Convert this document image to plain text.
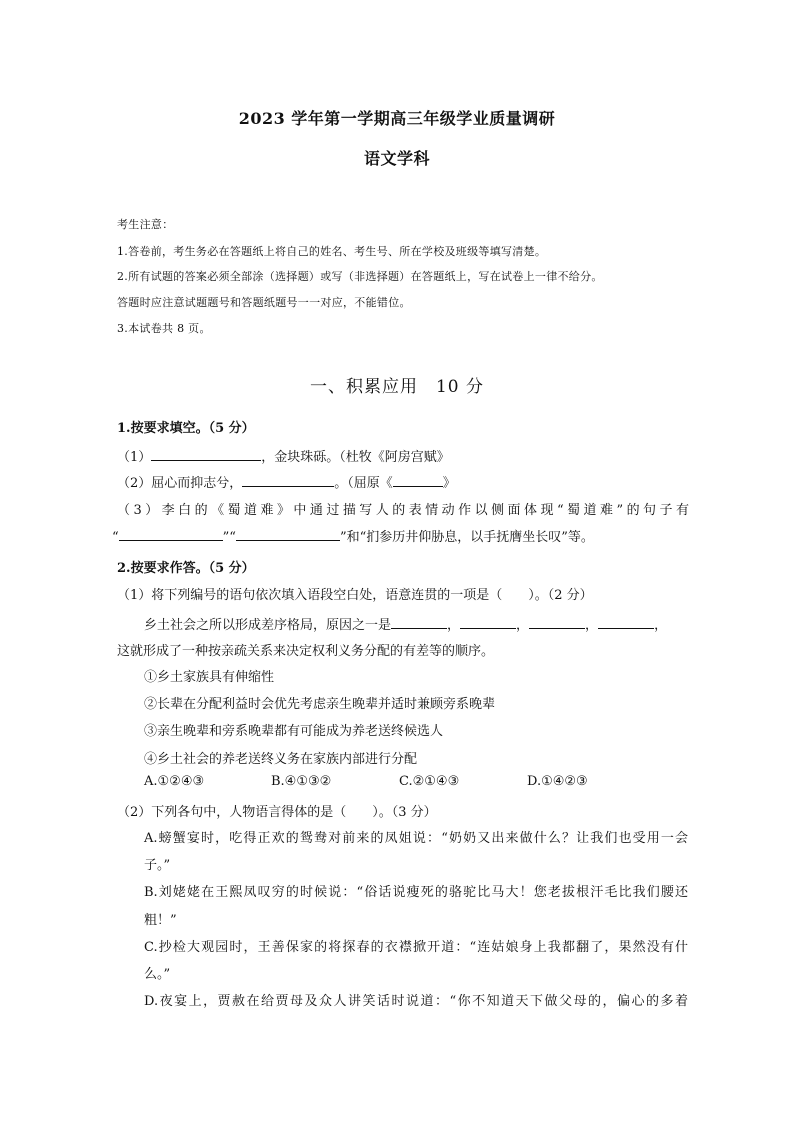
2023 学年第一学期高三年级学业质量调研
语文学科
考生注意：
1.答卷前，考生务必在答题纸上将自己的姓名、考生号、所在学校及班级等填写清楚。
2.所有试题的答案必须全部涂（选择题）或写（非选择题）在答题纸上，写在试卷上一律不给分。
答题时应注意试题题号和答题纸题号一一对应，不能错位。
3.本试卷共 8 页。
一、积累应用　10 分
1.按要求填空。（5 分）
（1）	，金块珠砾。（杜牧《阿房宫赋》
（2）屈心而抑志兮，	。（屈原《	》
（3）李白的《蜀道难》中通过描写人的表情动作以侧面体现“蜀道难”的句子有
“	”“	”和“扪参历井仰胁息，以手抚膺坐长叹”等。
2.按要求作答。（5 分）
（1）将下列编号的语句依次填入语段空白处，语意连贯的一项是（　　）。（2 分）
乡土社会之所以形成差序格局，原因之一是	，	，	，	，
这就形成了一种按亲疏关系来决定权利义务分配的有差等的顺序。
①乡土家族具有伸缩性
②长辈在分配利益时会优先考虑亲生晚辈并适时兼顾旁系晚辈
③亲生晚辈和旁系晚辈都有可能成为养老送终候选人
④乡土社会的养老送终义务在家族内部进行分配
A.①②④③	B.④①③②	C.②①④③	D.①④②③
（2）下列各句中，人物语言得体的是（　　）。（3 分）
A.螃蟹宴时，吃得正欢的鸳鸯对前来的凤姐说：“奶奶又出来做什么？让我们也受用一会
子。”
B.刘姥姥在王熙凤叹穷的时候说：“俗话说瘦死的骆驼比马大！您老拔根汗毛比我们腰还
粗！”
C.抄检大观园时，王善保家的将探春的衣襟掀开道：“连姑娘身上我都翻了，果然没有什
么。”
D.夜宴上，贾赦在给贾母及众人讲笑话时说道：“你不知道天下做父母的，偏心的多着
